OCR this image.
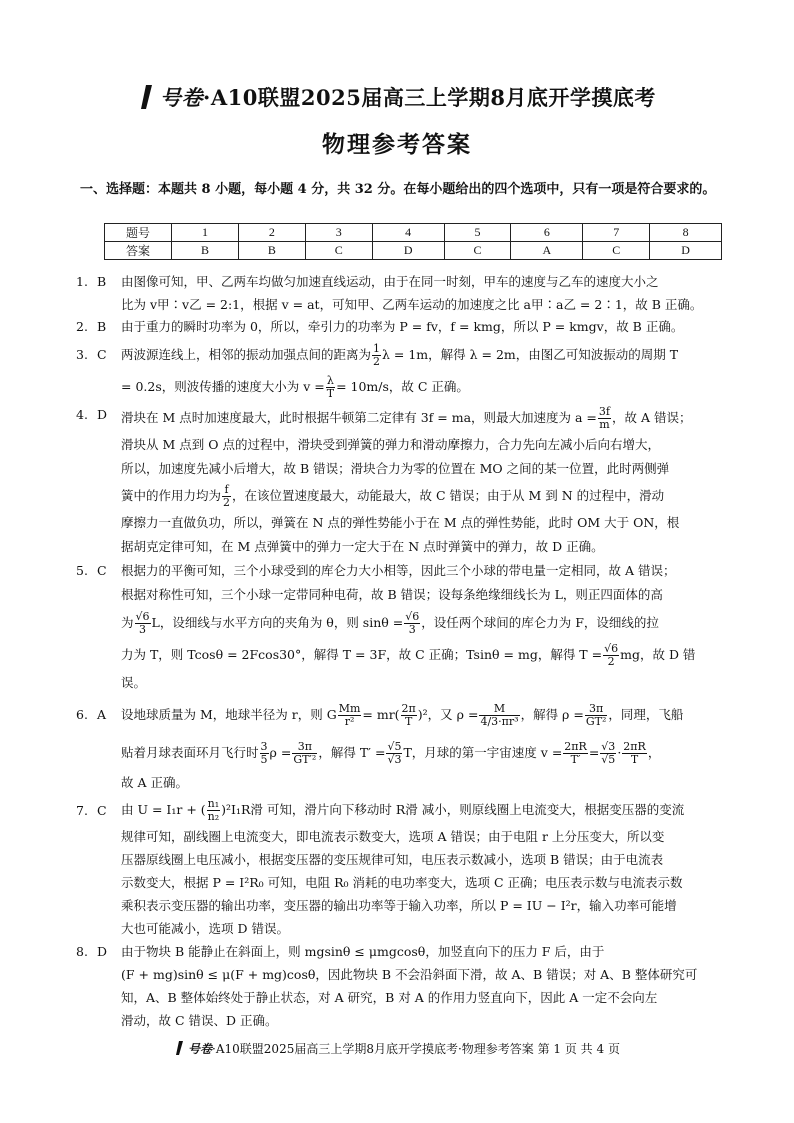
号卷·A10联盟2025届高三上学期8月底开学摸底考
物理参考答案
一、选择题：本题共 8 小题，每小题 4 分，共 32 分。在每小题给出的四个选项中，只有一项是符合要求的。
题号	1	2	3	4	5	6	7	8
答案	B	B	C	D	C	A	C	D
1. B 由图像可知，甲、乙两车均做匀加速直线运动，由于在同一时刻，甲车的速度与乙车的速度大小之

比为 v甲∶v乙 = 2:1，根据 v = at，可知甲、乙两车运动的加速度之比 a甲∶a乙 = 2∶1，故 B 正确。

2. B 由于重力的瞬时功率为 0，所以，牵引力的功率为 P = fv，f = kmg，所以 P = kmgv，故 B 正确。

3. C 两波源连线上，相邻的振动加强点间的距离为 $\frac{1}{2}$ λ = 1m，解得 λ = 2m，由图乙可知波振动的周期 T

= 0.2s，则波传播的速度大小为 $v = \frac{\lambda}{T} = 10m/s$，故 C 正确。

4. D 滑块在 M 点时加速度最大，此时根据牛顿第二定律有 3f = ma，则最大加速度为 $a = \frac{3f}{m}$ ，故 A 错误；

滑块从 M 点到 O 点的过程中，滑块受到弹簧的弹力和滑动摩擦力，合力先向左减小后向右增大，

所以，加速度先减小后增大，故 B 错误；滑块合力为零的位置在 MO 之间的某一位置，此时两侧弹

簧中的作用力均为 $\frac{f}{2}$ ，在该位置速度最大，动能最大，故 C 错误；由于从 M 到 N 的过程中，滑动

摩擦力一直做负功，所以，弹簧在 N 点的弹性势能小于在 M 点的弹性势能，此时 OM 大于 ON，根

据胡克定律可知，在 M 点弹簧中的弹力一定大于在 N 点时弹簧中的弹力，故 D 正确。

5. C 根据力的平衡可知，三个小球受到的库仑力大小相等，因此三个小球的带电量一定相同，故 A 错误；

根据对称性可知，三个小球一定带同种电荷，故 B 错误；设每条绝缘细线长为 L，则正四面体的高

为 $\frac{√6}{3}$ L，设细线与水平方向的夹角为 θ，则 $\sin\theta = \frac{√6}{3}$ ，设任两个球间的库仑力为 F，设细线的拉

力为 T，则 Tcosθ = 2Fcos30°，解得 T = 3F，故 C 正确；Tsinθ = mg，解得 $T = \frac{√6}{2}$ mg，故 D 错

误。

6. A 设地球质量为 M，地球半径为 r，则 G $\frac{Mm}{\text{r²}} = mr( \frac{2\pi}{T} )^2$，又 $\rho = \frac{M}{\text{4/3·πr³}}$ ，解得 $\rho = \frac{3\pi}{\text{GT²}}$ ，同理，飞船

贴着月球表面环月飞行时 $\frac{3}{5}$ $\rho = \frac{3\pi}{\text{GT′²}}$ ，解得 $T' = \frac{√5}{√3}$ T，月球的第一宇宙速度 $v = \frac{2\pi R}{T'} = \frac{√3}{√5} \cdot \frac{2\pi R}{T}$ ，

故 A 正确。

7. C 由 U = I₁r + ( $\frac{\text{n₁}}{\text{n₂}} )^2I_1R$滑 可知，滑片向下移动时 R滑 减小，则原线圈上电流变大，根据变压器的变流

规律可知，副线圈上电流变大，即电流表示数变大，选项 A 错误；由于电阻 r 上分压变大，所以变

压器原线圈上电压减小，根据变压器的变压规律可知，电压表示数减小，选项 B 错误；由于电流表

示数变大，根据 P = I²R₀ 可知，电阻 R₀ 消耗的电功率变大，选项 C 正确；电压表示数与电流表示数

乘积表示变压器的输出功率，变压器的输出功率等于输入功率，所以 P = IU − I²r，输入功率可能增

大也可能减小，选项 D 错误。

8. D 由于物块 B 能静止在斜面上，则 mgsinθ ≤ μmgcosθ，加竖直向下的压力 F 后，由于

(F + mg)sinθ ≤ μ(F + mg)cosθ，因此物块 B 不会沿斜面下滑，故 A、B 错误；对 A、B 整体研究可

知，A、B 整体始终处于静止状态，对 A 研究，B 对 A 的作用力竖直向下，因此 A 一定不会向左

滑动，故 C 错误、D 正确。

号卷·A10联盟2025届高三上学期8月底开学摸底考·物理参考答案 第 1 页 共 4 页
